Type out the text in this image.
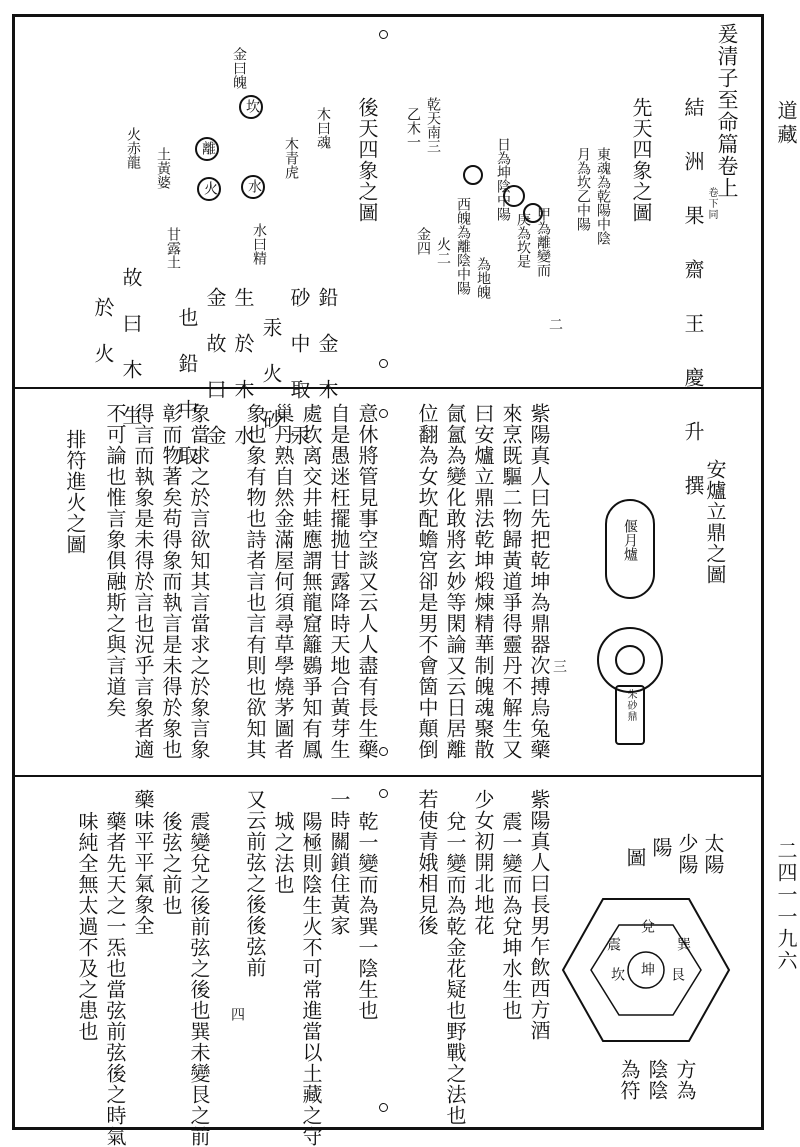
道藏
二四一一九六
爰清子至命篇卷上
卷下同
結 洲 果 齋 王 慶 升 撰
先天四象之圖
二
東魂為乾陽中陰
月為坎乙中陽
甲為離變而
庚為坎是
日為坤陰中陽
為地魄
西魄為離陰中陽
乾天南三
乙木一
火二
金四
後天四象之圖
鉛 金 木
砂 中 取 汞
汞 火 砂
生 於 木 水
金 故 曰 金
也 鉛 中 取
故 曰 木 生
於 火
水曰精
甘露土
木曰魂
火赤龍
金曰魄
木青虎
土黃婆
坎
離
水
火
安爐立鼎之圖
三
偃月爐
朱砂鼎
紫陽真人曰先把乾坤為鼎器次搏烏兔藥
來烹既驅二物歸黃道爭得靈丹不解生又
曰安爐立鼎法乾坤煅煉精華制魄魂聚散
氤氳為變化敢將玄妙等閑論又云日居離
位翻為女坎配蟾宮卻是男不會箇中顛倒
意休將管見事空談又云人人盡有長生藥
自是愚迷枉擺拋甘露降時天地合黃芽生
處坎离交井蛙應謂無龍窟籬鷃爭知有鳳
巢丹熟自然金滿屋何須尋草學燒茅圖者
象也象有物也詩者言也言有則也欲知其
象當求之於言欲知其言當求之於象言象
彰而物著矣苟得象而執言是未得於象也
得言而執象是未得於言也況乎言象者適
不可論也惟言象俱融斯之與言道矣
排符進火之圖
太陽
少陽
陽
圖
坤 艮
坎
巽
震
兌
方為
陰陰
為符
四	紫陽真人曰長男乍飲西方酒
震一變而為兌坤水生也
少女初開北地花
兌一變而為乾金花疑也野戰之法也
若使青娥相見後
乾一變而為巽一陰生也
一時關鎖住黃家
陽極則陰生火不可常進當以土藏之守
城之法也
又云前弦之後後弦前
震變兌之後前弦之後也巽未變艮之前
後弦之前也
藥味平平氣象全
藥者先天之一炁也當弦前弦後之時氣
味純全無太過不及之患也
